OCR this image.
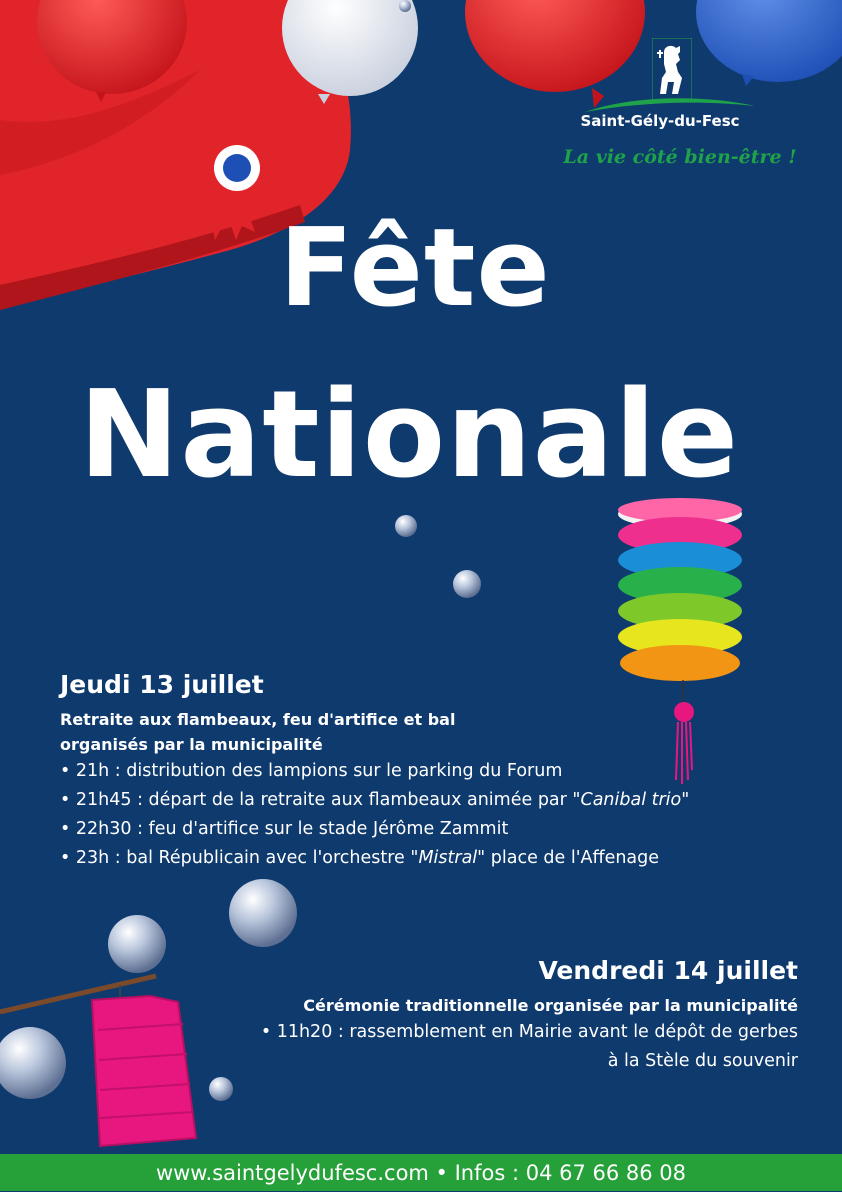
Saint-Gély-du-Fesc
La vie côté bien-être !
Fête
Nationale
Jeudi 13 juillet
Retraite aux flambeaux, feu d'artifice et bal
organisés par la municipalité
• 21h : distribution des lampions sur le parking du Forum
• 21h45 : départ de la retraite aux flambeaux animée par "Canibal trio"
• 22h30 : feu d'artifice sur le stade Jérôme Zammit
• 23h : bal Républicain avec l'orchestre "Mistral" place de l'Affenage
Vendredi 14 juillet
Cérémonie traditionnelle organisée par la municipalité
• 11h20 : rassemblement en Mairie avant le dépôt de gerbes
à la Stèle du souvenir
www.saintgelydufesc.com • Infos : 04 67 66 86 08
